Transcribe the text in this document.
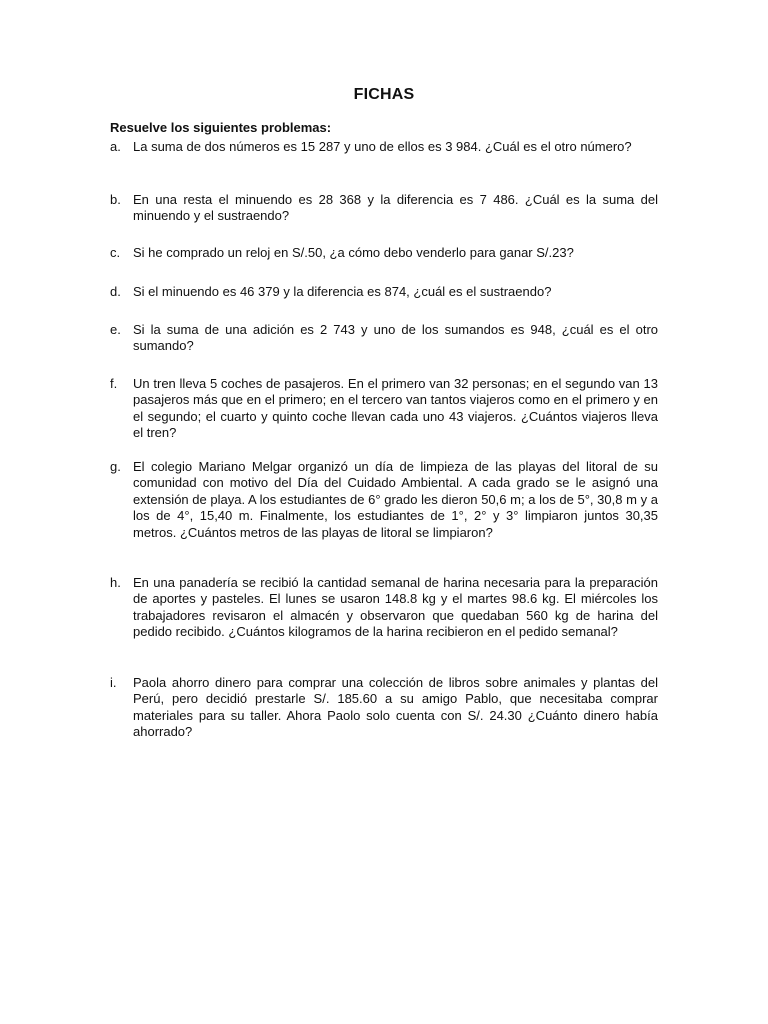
FICHAS
Resuelve los siguientes problemas:
a. La suma de dos números es 15 287 y uno de ellos es 3 984. ¿Cuál es el otro número?
b. En una resta el minuendo es 28 368 y la diferencia es 7 486. ¿Cuál es la suma del minuendo y el sustraendo?
c. Si he comprado un reloj en S/.50, ¿a cómo debo venderlo para ganar S/.23?
d. Si el minuendo es 46 379 y la diferencia es 874, ¿cuál es el sustraendo?
e. Si la suma de una adición es 2 743 y uno de los sumandos es 948, ¿cuál es el otro sumando?
f.	Un tren lleva 5 coches de pasajeros. En el primero van 32 personas; en el segundo van 13 pasajeros más que en el primero; en el tercero van tantos viajeros como en el primero y en el segundo; el cuarto y quinto coche llevan cada uno 43 viajeros. ¿Cuántos viajeros lleva el tren?
g. El colegio Mariano Melgar organizó un día de limpieza de las playas del litoral de su comunidad con motivo del Día del Cuidado Ambiental. A cada grado se le asignó una extensión de playa. A los estudiantes de 6° grado les dieron 50,6 m; a los de 5°, 30,8 m y a los de 4°, 15,40 m. Finalmente, los estudiantes de 1°, 2° y 3° limpiaron juntos 30,35 metros. ¿Cuántos metros de las playas de litoral se limpiaron?
h. En una panadería se recibió la cantidad semanal de harina necesaria para la preparación de aportes y pasteles. El lunes se usaron 148.8 kg y el martes 98.6 kg. El miércoles los trabajadores revisaron el almacén y observaron que quedaban 560 kg de harina del pedido recibido. ¿Cuántos kilogramos de la harina recibieron en el pedido semanal?
i.	Paola ahorro dinero para comprar una colección de libros sobre animales y plantas del Perú, pero decidió prestarle S/. 185.60 a su amigo Pablo, que necesitaba comprar materiales para su taller. Ahora Paolo solo cuenta con S/. 24.30 ¿Cuánto dinero había ahorrado?
